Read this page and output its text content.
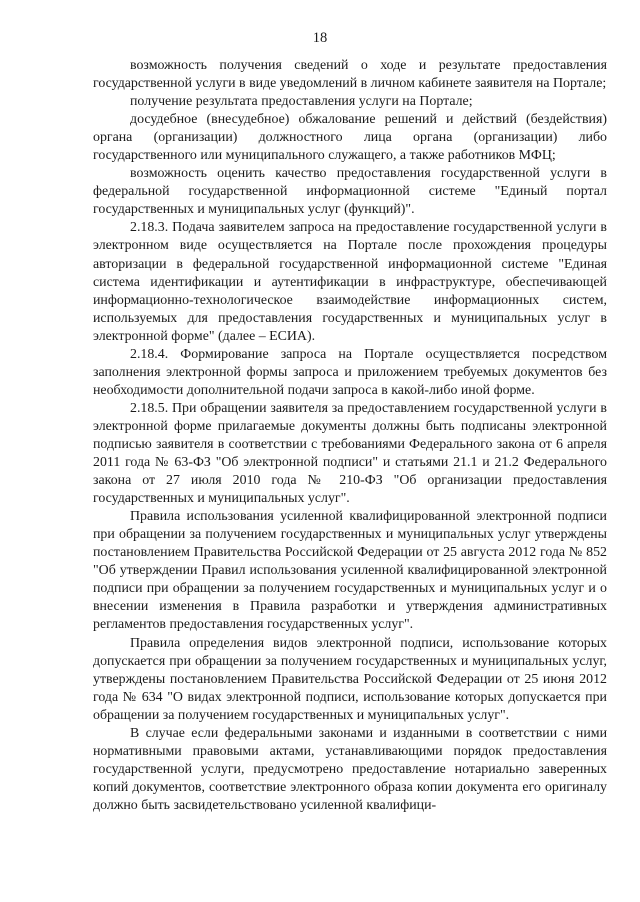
18

возможность получения сведений о ходе и результате предоставления государственной услуги в виде уведомлений в личном кабинете заявителя на Портале;

получение результата предоставления услуги на Портале;

досудебное (внесудебное) обжалование решений и действий (бездействия) органа (организации) должностного лица органа (организации) либо государственного или муниципального служащего, а также работников МФЦ;

возможность оценить качество предоставления государственной услуги в федеральной государственной информационной системе "Единый портал государственных и муниципальных услуг (функций)".

2.18.3. Подача заявителем запроса на предоставление государственной услуги в электронном виде осуществляется на Портале после прохождения процедуры авторизации в федеральной государственной информационной системе "Единая система идентификации и аутентификации в инфраструктуре, обеспечивающей информационно-технологическое взаимодействие информационных систем, используемых для предоставления государственных и муниципальных услуг в электронной форме" (далее – ЕСИА).

2.18.4. Формирование запроса на Портале осуществляется посредством заполнения электронной формы запроса и приложением требуемых документов без необходимости дополнительной подачи запроса в какой-либо иной форме.

2.18.5. При обращении заявителя за предоставлением государственной услуги в электронной форме прилагаемые документы должны быть подписаны электронной подписью заявителя в соответствии с требованиями Федерального закона от 6 апреля 2011 года № 63-ФЗ "Об электронной подписи" и статьями 21.1 и 21.2 Федерального закона от 27 июля 2010 года № 210-ФЗ "Об организации предоставления государственных и муниципальных услуг".

Правила использования усиленной квалифицированной электронной подписи при обращении за получением государственных и муниципальных услуг утверждены постановлением Правительства Российской Федерации от 25 августа 2012 года № 852 "Об утверждении Правил использования усиленной квалифицированной электронной подписи при обращении за получением государственных и муниципальных услуг и о внесении изменения в Правила разработки и утверждения административных регламентов предоставления государственных услуг".

Правила определения видов электронной подписи, использование которых допускается при обращении за получением государственных и муниципальных услуг, утверждены постановлением Правительства Российской Федерации от 25 июня 2012 года № 634 "О видах электронной подписи, использование которых допускается при обращении за получением государственных и муниципальных услуг".

В случае если федеральными законами и изданными в соответствии с ними нормативными правовыми актами, устанавливающими порядок предоставления государственной услуги, предусмотрено предоставление нотариально заверенных копий документов, соответствие электронного образа копии документа его оригиналу должно быть засвидетельствовано усиленной квалифици-
